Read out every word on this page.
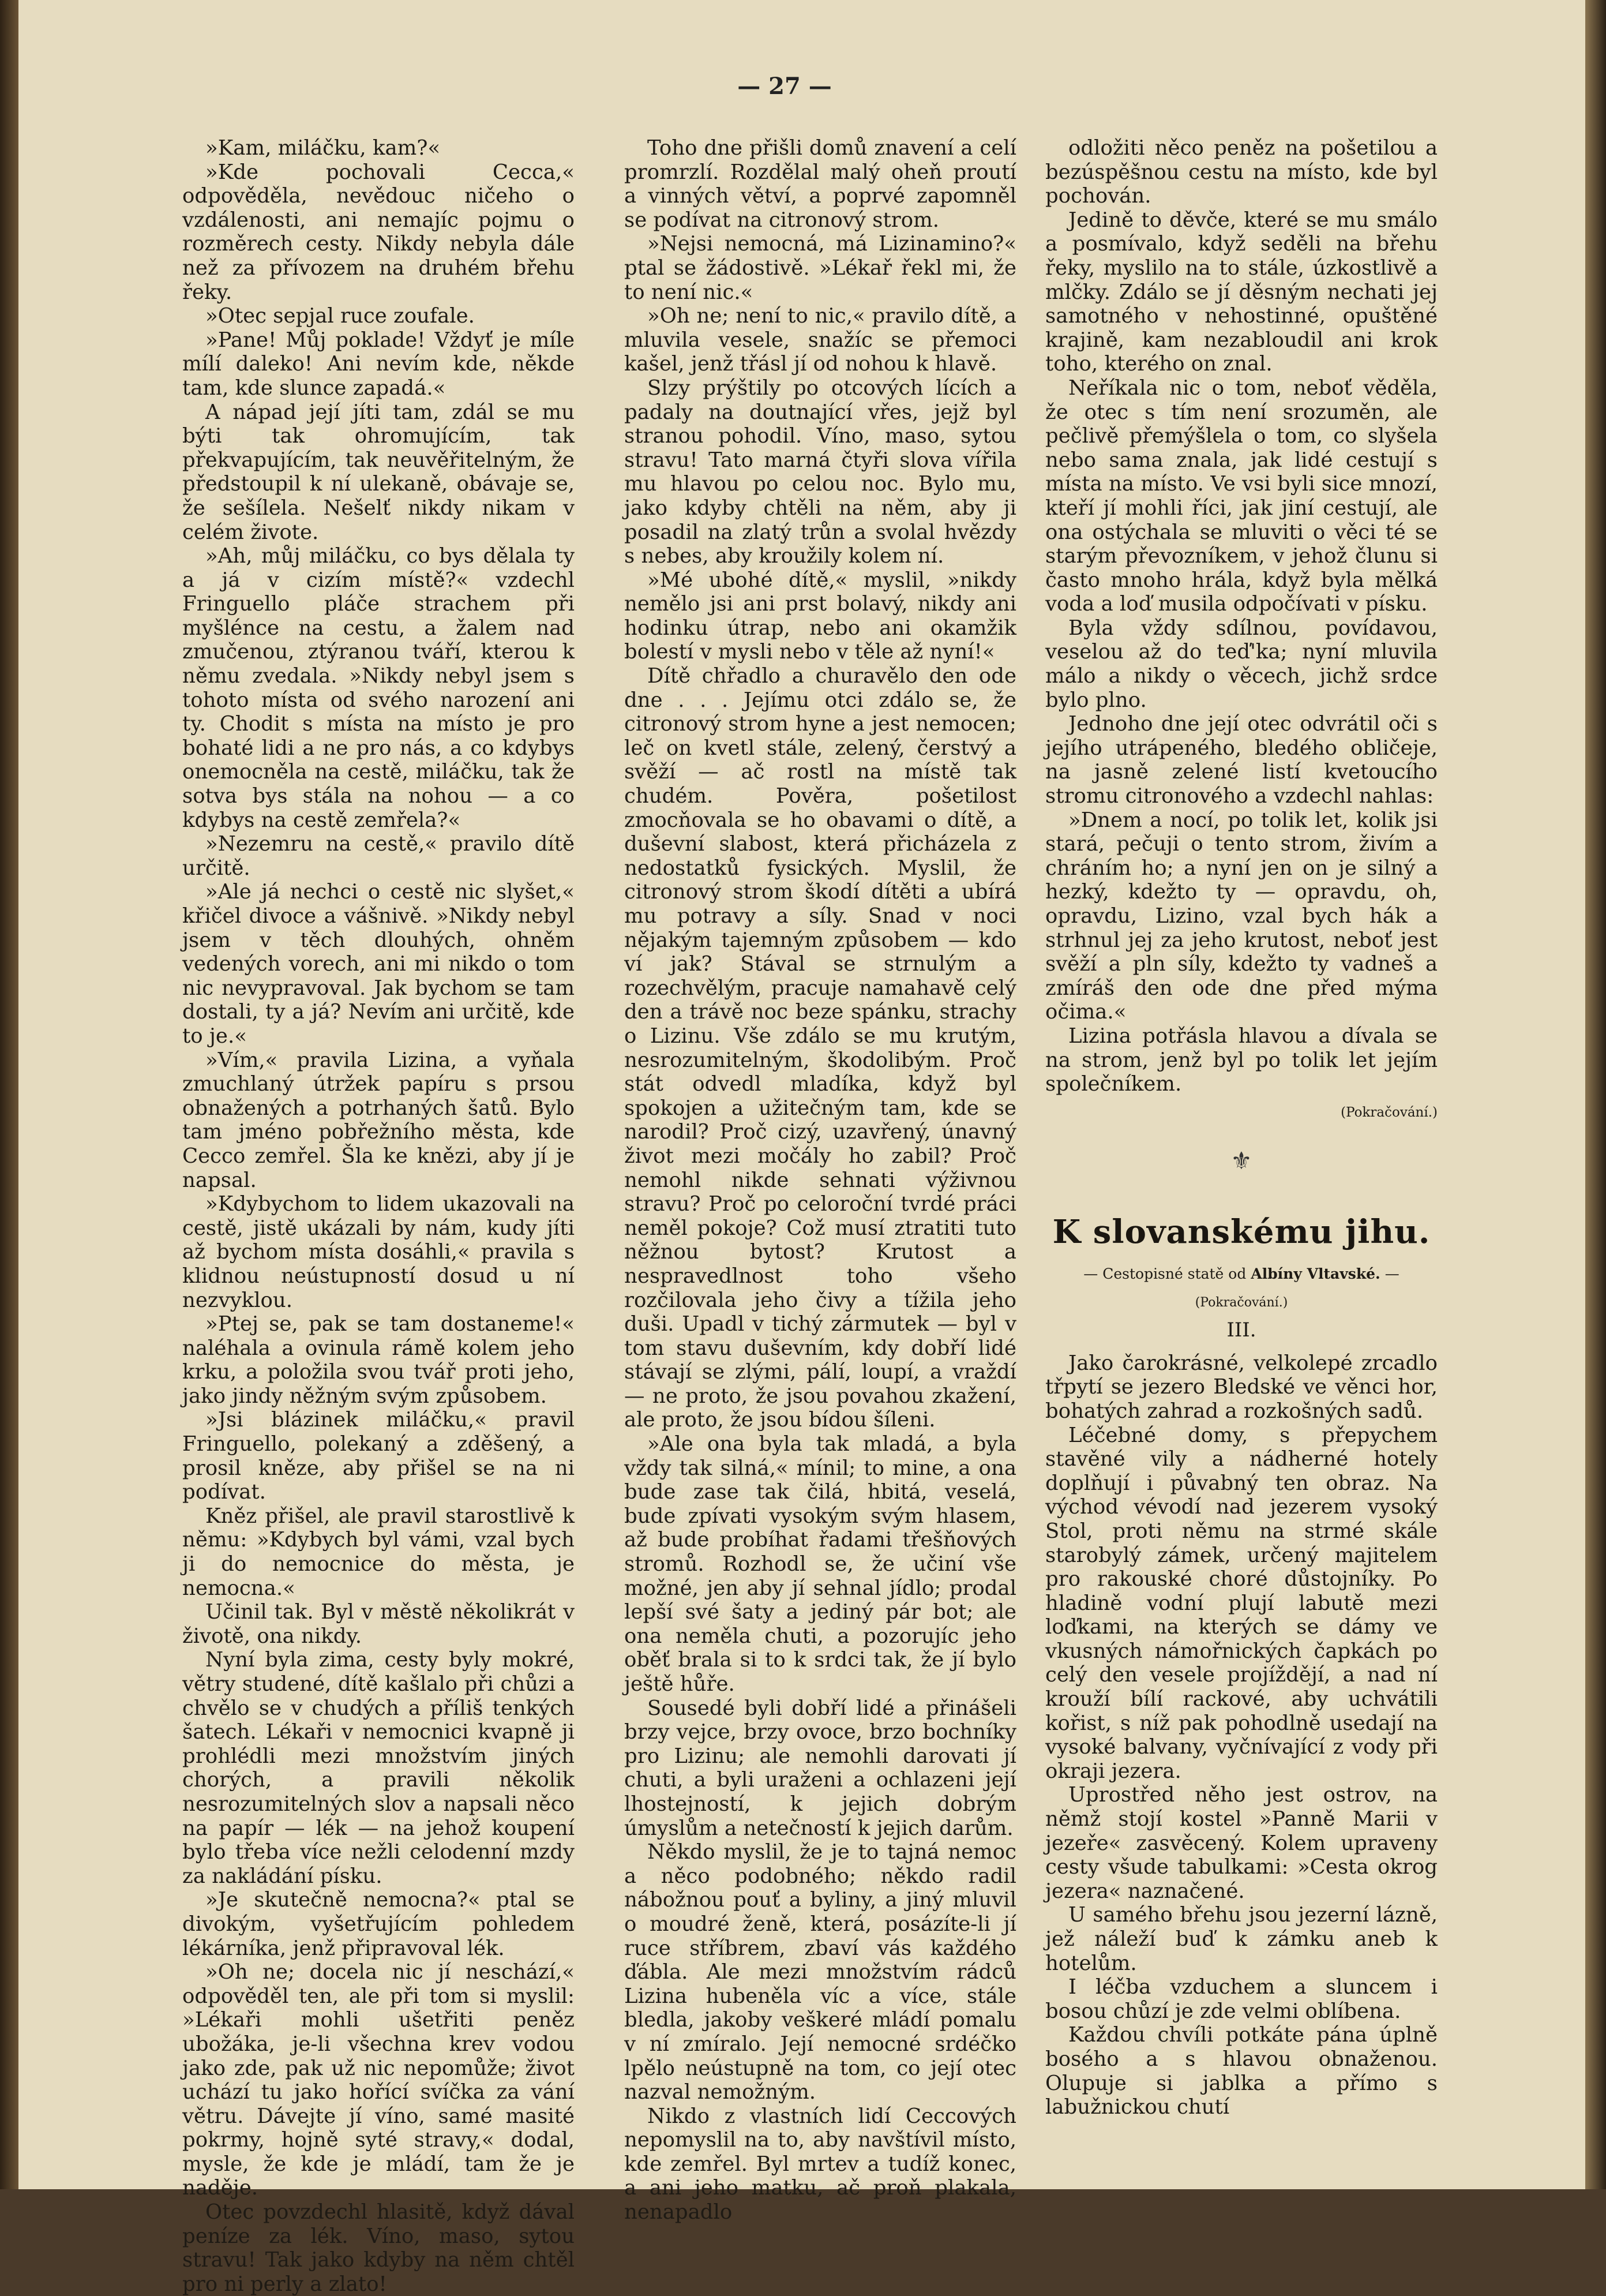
— 27 —

»Kam, miláčku, kam?«

»Kde pochovali Cecca,« odpověděla, nevědouc ničeho o vzdálenosti, ani nemajíc pojmu o rozměrech cesty. Nikdy nebyla dále než za přívozem na druhém břehu řeky.

»Otec sepjal ruce zoufale.

»Pane! Můj poklade! Vždyť je míle mílí daleko! Ani nevím kde, někde tam, kde slunce zapadá.«

A nápad její jíti tam, zdál se mu býti tak ohromujícím, tak překvapujícím, tak neuvěřitelným, že předstoupil k ní ulekaně, obávaje se, že sešílela. Nešelť nikdy nikam v celém živote.

»Ah, můj miláčku, co bys dělala ty a já v cizím místě?« vzdechl Fringuello pláče strachem při myšlénce na cestu, a žalem nad zmučenou, ztýranou tváří, kterou k němu zvedala. »Nikdy nebyl jsem s tohoto místa od svého narození ani ty. Chodit s místa na místo je pro bohaté lidi a ne pro nás, a co kdybys onemocněla na cestě, miláčku, tak že sotva bys stála na nohou — a co kdybys na cestě zemřela?«

»Nezemru na cestě,« pravilo dítě určitě.

»Ale já nechci o cestě nic slyšet,« křičel divoce a vášnivě. »Nikdy nebyl jsem v těch dlouhých, ohněm vedených vorech, ani mi nikdo o tom nic nevypravoval. Jak bychom se tam dostali, ty a já? Nevím ani určitě, kde to je.«

»Vím,« pravila Lizina, a vyňala zmuchlaný útržek papíru s prsou obnažených a potrhaných šatů. Bylo tam jméno pobřežního města, kde Cecco zemřel. Šla ke knězi, aby jí je napsal.

»Kdybychom to lidem ukazovali na cestě, jistě ukázali by nám, kudy jíti až bychom místa dosáhli,« pravila s klidnou neústupností dosud u ní nezvyklou.

»Ptej se, pak se tam dostaneme!« naléhala a ovinula rámě kolem jeho krku, a položila svou tvář proti jeho, jako jindy něžným svým způsobem.

»Jsi blázinek miláčku,« pravil Fringuello, polekaný a zděšený, a prosil kněze, aby přišel se na ni podívat.

Kněz přišel, ale pravil starostlivě k němu: »Kdybych byl vámi, vzal bych ji do nemocnice do města, je nemocna.«

Učinil tak. Byl v městě několikrát v životě, ona nikdy.

Nyní byla zima, cesty byly mokré, větry studené, dítě kašlalo při chůzi a chvělo se v chudých a příliš tenkých šatech. Lékaři v nemocnici kvapně ji prohlédli mezi množstvím jiných chorých, a pravili několik nesrozumitelných slov a napsali něco na papír — lék — na jehož koupení bylo třeba více nežli celodenní mzdy za nakládání písku.

»Je skutečně nemocna?« ptal se divokým, vyšetřujícím pohledem lékárníka, jenž připravoval lék.

»Oh ne; docela nic jí neschází,« odpověděl ten, ale při tom si myslil: »Lékaři mohli ušetřiti peněz ubožáka, je-li všechna krev vodou jako zde, pak už nic nepomůže; život uchází tu jako hořící svíčka za vání větru. Dávejte jí víno, samé masité pokrmy, hojně syté stravy,« dodal, mysle, že kde je mládí, tam že je naděje.

Otec povzdechl hlasitě, když dával peníze za lék. Víno, maso, sytou stravu! Tak jako kdyby na něm chtěl pro ni perly a zlato!

Toho dne přišli domů znavení a celí promrzlí. Rozdělal malý oheň proutí a vinných větví, a poprvé zapomněl se podívat na citronový strom.

»Nejsi nemocná, má Lizinamino?« ptal se žádostivě. »Lékař řekl mi, že to není nic.«

»Oh ne; není to nic,« pravilo dítě, a mluvila vesele, snažíc se přemoci kašel, jenž třásl jí od nohou k hlavě.

Slzy prýštily po otcových lících a padaly na doutnající vřes, jejž byl stranou pohodil. Víno, maso, sytou stravu! Tato marná čtyři slova vířila mu hlavou po celou noc. Bylo mu, jako kdyby chtěli na něm, aby ji posadil na zlatý trůn a svolal hvězdy s nebes, aby kroužily kolem ní.

»Mé ubohé dítě,« myslil, »nikdy nemělo jsi ani prst bolavý, nikdy ani hodinku útrap, nebo ani okamžik bolestí v mysli nebo v těle až nyní!«

Dítě chřadlo a churavělo den ode dne . . . Jejímu otci zdálo se, že citronový strom hyne a jest nemocen; leč on kvetl stále, zelený, čerstvý a svěží — ač rostl na místě tak chudém. Pověra, pošetilost zmocňovala se ho obavami o dítě, a duševní slabost, která přicházela z nedostatků fysických. Myslil, že citronový strom škodí dítěti a ubírá mu potravy a síly. Snad v noci nějakým tajemným způsobem — kdo ví jak? Stával se strnulým a rozechvělým, pracuje namahavě celý den a trávě noc beze spánku, strachy o Lizinu. Vše zdálo se mu krutým, nesrozumitelným, škodolibým. Proč stát odvedl mladíka, když byl spokojen a užitečným tam, kde se narodil? Proč cizý, uzavřený, únavný život mezi močály ho zabil? Proč nemohl nikde sehnati výživnou stravu? Proč po celoroční tvrdé práci neměl pokoje? Což musí ztratiti tuto něžnou bytost? Krutost a nespravedlnost toho všeho rozčilovala jeho čivy a tížila jeho duši. Upadl v tichý zármutek — byl v tom stavu duševním, kdy dobří lidé stávají se zlými, pálí, loupí, a vraždí — ne proto, že jsou povahou zkažení, ale proto, že jsou bídou šíleni.

»Ale ona byla tak mladá, a byla vždy tak silná,« mínil; to mine, a ona bude zase tak čilá, hbitá, veselá, bude zpívati vysokým svým hlasem, až bude probíhat řadami třešňových stromů. Rozhodl se, že učiní vše možné, jen aby jí sehnal jídlo; prodal lepší své šaty a jediný pár bot; ale ona neměla chuti, a pozorujíc jeho oběť brala si to k srdci tak, že jí bylo ještě hůře.

Sousedé byli dobří lidé a přinášeli brzy vejce, brzy ovoce, brzo bochníky pro Lizinu; ale nemohli darovati jí chuti, a byli uraženi a ochlazeni její lhostejností, k jejich dobrým úmyslům a netečností k jejich darům.

Někdo myslil, že je to tajná nemoc a něco podobného; někdo radil nábožnou pouť a byliny, a jiný mluvil o moudré ženě, která, posázíte-li jí ruce stříbrem, zbaví vás každého ďábla. Ale mezi množstvím rádců Lizina hubeněla víc a více, stále bledla, jakoby veškeré mládí pomalu v ní zmíralo. Její nemocné srdéčko lpělo neústupně na tom, co její otec nazval nemožným.

Nikdo z vlastních lidí Ceccových nepomyslil na to, aby navštívil místo, kde zemřel. Byl mrtev a tudíž konec, a ani jeho matku, ač proň plakala, nenapadlo

odložiti něco peněz na pošetilou a bezúspěšnou cestu na místo, kde byl pochován.

Jedině to děvče, které se mu smálo a posmívalo, když seděli na břehu řeky, myslilo na to stále, úzkostlivě a mlčky. Zdálo se jí děsným nechati jej samotného v nehostinné, opuštěné krajině, kam nezabloudil ani krok toho, kterého on znal.

Neříkala nic o tom, neboť věděla, že otec s tím není srozuměn, ale pečlivě přemýšlela o tom, co slyšela nebo sama znala, jak lidé cestují s místa na místo. Ve vsi byli sice mnozí, kteří jí mohli říci, jak jiní cestují, ale ona ostýchala se mluviti o věci té se starým převozníkem, v jehož člunu si často mnoho hrála, když byla mělká voda a loď musila odpočívati v písku.

Byla vždy sdílnou, povídavou, veselou až do teď'ka; nyní mluvila málo a nikdy o věcech, jichž srdce bylo plno.

Jednoho dne její otec odvrátil oči s jejího utrápeného, bledého obličeje, na jasně zelené listí kvetoucího stromu citronového a vzdechl nahlas:

»Dnem a nocí, po tolik let, kolik jsi stará, pečuji o tento strom, živím a chráním ho; a nyní jen on je silný a hezký, kdežto ty — opravdu, oh, opravdu, Lizino, vzal bych hák a strhnul jej za jeho krutost, neboť jest svěží a pln síly, kdežto ty vadneš a zmíráš den ode dne před mýma očima.«

Lizina potřásla hlavou a dívala se na strom, jenž byl po tolik let jejím společníkem.

(Pokračování.)
⚜
K slovanskému jihu.
— Cestopisné statě od Albíny Vltavské. —
(Pokračování.)
III.

Jako čarokrásné, velkolepé zrcadlo třpytí se jezero Bledské ve věnci hor, bohatých zahrad a rozkošných sadů.

Léčebné domy, s přepychem stavěné vily a nádherné hotely doplňují i půvabný ten obraz. Na východ vévodí nad jezerem vysoký Stol, proti němu na strmé skále starobylý zámek, určený majitelem pro rakouské choré důstojníky. Po hladině vodní plují labutě mezi loďkami, na kterých se dámy ve vkusných námořnických čapkách po celý den vesele projíždějí, a nad ní krouží bílí rackové, aby uchvátili kořist, s níž pak pohodlně usedají na vysoké balvany, vyčnívající z vody při okraji jezera.

Uprostřed něho jest ostrov, na němž stojí kostel »Panně Marii v jezeře« zasvěcený. Kolem upraveny cesty všude tabulkami: »Cesta okrog jezera« naznačené.

U samého břehu jsou jezerní lázně, jež náleží buď k zámku aneb k hotelům.

I léčba vzduchem a sluncem i bosou chůzí je zde velmi oblíbena.

Každou chvíli potkáte pána úplně bosého a s hlavou obnaženou. Olupuje si jablka a přímo s labužnickou chutí
